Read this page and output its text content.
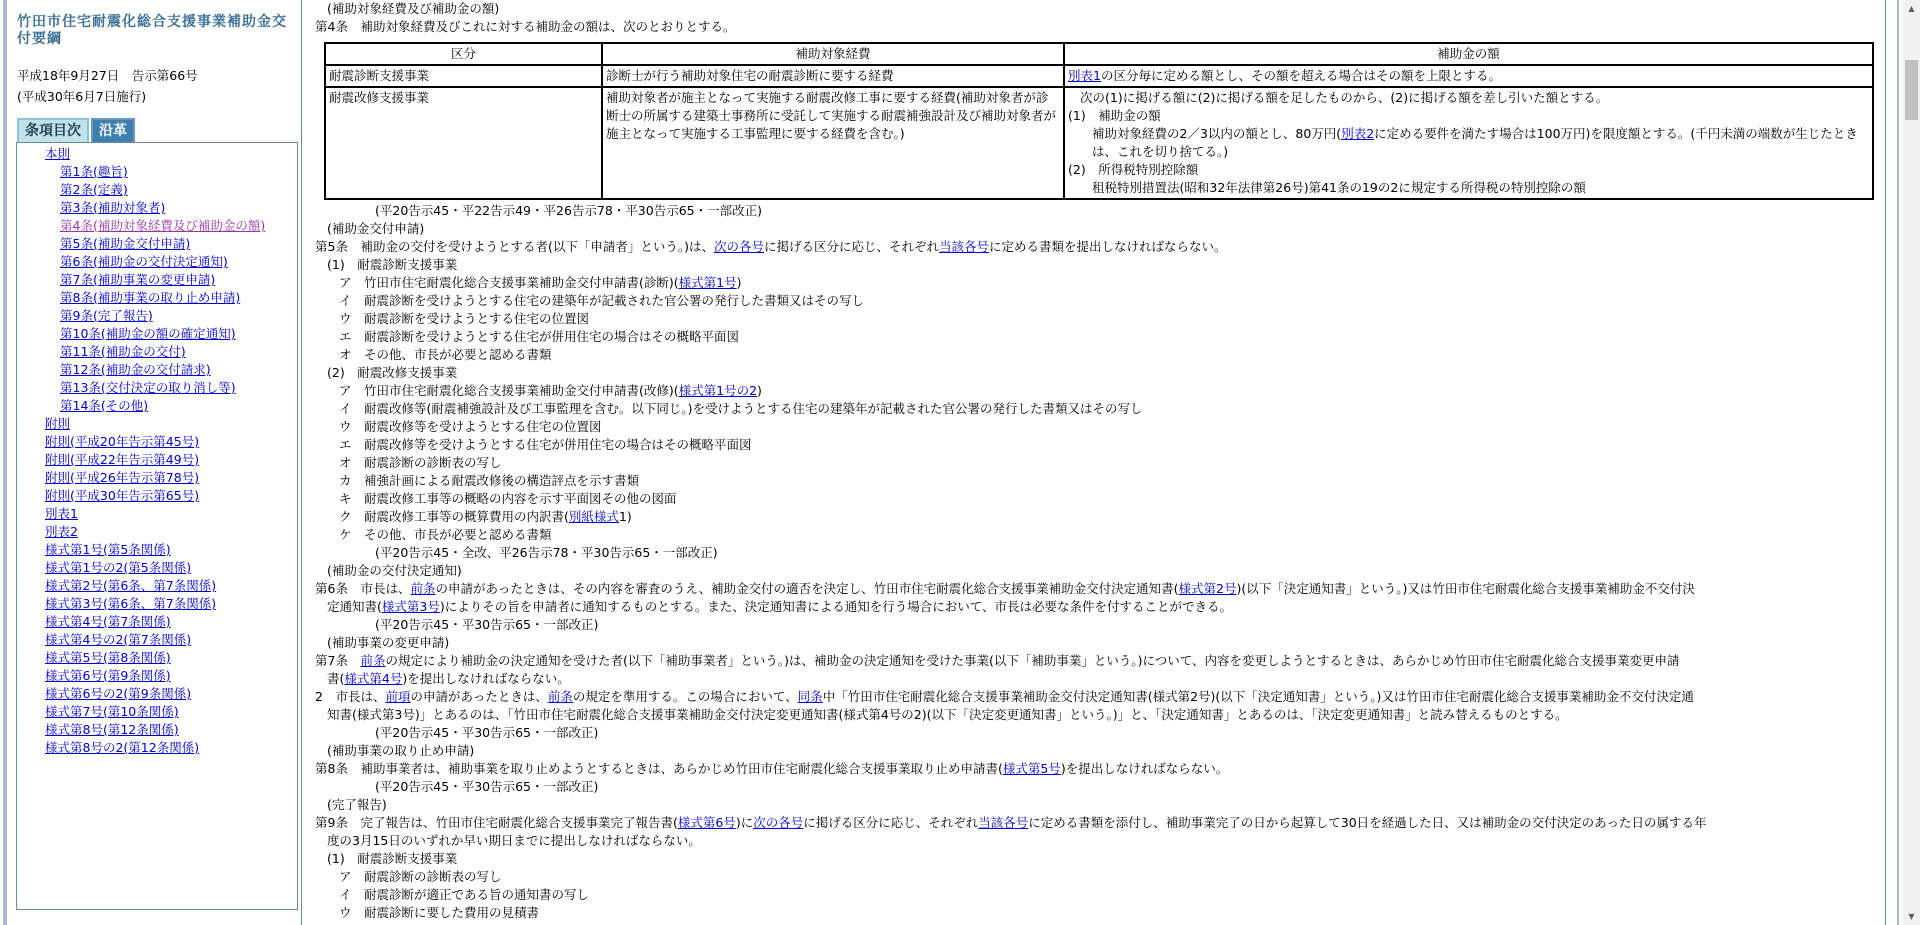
竹田市住宅耐震化総合支援事業補助金交付要綱
平成18年9月27日　告示第66号
(平成30年6月7日施行)
条項目次 沿革
本則
第1条(趣旨)
第2条(定義)
第3条(補助対象者)
第4条(補助対象経費及び補助金の額)
第5条(補助金交付申請)
第6条(補助金の交付決定通知)
第7条(補助事業の変更申請)
第8条(補助事業の取り止め申請)
第9条(完了報告)
第10条(補助金の額の確定通知)
第11条(補助金の交付)
第12条(補助金の交付請求)
第13条(交付決定の取り消し等)
第14条(その他)
附則
附則(平成20年告示第45号)
附則(平成22年告示第49号)
附則(平成26年告示第78号)
附則(平成30年告示第65号)
別表1
別表2
様式第1号(第5条関係)
様式第1号の2(第5条関係)
様式第2号(第6条、第7条関係)
様式第3号(第6条、第7条関係)
様式第4号(第7条関係)
様式第4号の2(第7条関係)
様式第5号(第8条関係)
様式第6号(第9条関係)
様式第6号の2(第9条関係)
様式第7号(第10条関係)
様式第8号(第12条関係)
様式第8号の2(第12条関係)
(補助対象経費及び補助金の額)
第4条　 補助対象経費及びこれに対する補助金の額は、次のとおりとする。
区分	補助対象経費	補助金の額
耐震診断支援事業	診断士が行う補助対象住宅の耐震診断に要する経費	別表1の区分毎に定める額とし、その額を超える場合はその額を上限とする。
耐震改修支援事業	補助対象者が施主となって実施する耐震改修工事に要する経費(補助対象者が診断士の所属する建築士事務所に受託して実施する耐震補強設計及び補助対象者が施主となって実施する工事監理に要する経費を含む。)	次の(1)に掲げる額に(2)に掲げる額を足したものから、(2)に掲げる額を差し引いた額とする。
(1)　補助金の額
補助対象経費の2／3以内の額とし、80万円(別表2に定める要件を満たす場合は100万円)を限度額とする。(千円未満の端数が生じたときは、これを切り捨てる。)
(2)　所得税特別控除額
租税特別措置法(昭和32年法律第26号)第41条の19の2に規定する所得税の特別控除の額
(平20告示45・平22告示49・平26告示78・平30告示65・一部改正)
(補助金交付申請)
第5条　 補助金の交付を受けようとする者(以下「申請者」という。)は、次の各号に掲げる区分に応じ、それぞれ当該各号に定める書類を提出しなければならない。
(1)　耐震診断支援事業
ア　竹田市住宅耐震化総合支援事業補助金交付申請書(診断)(様式第1号)
イ　耐震診断を受けようとする住宅の建築年が記載された官公署の発行した書類又はその写し
ウ　耐震診断を受けようとする住宅の位置図
エ　耐震診断を受けようとする住宅が併用住宅の場合はその概略平面図
オ　その他、市長が必要と認める書類
(2)　耐震改修支援事業
ア　竹田市住宅耐震化総合支援事業補助金交付申請書(改修)(様式第1号の2)
イ　耐震改修等(耐震補強設計及び工事監理を含む。以下同じ。)を受けようとする住宅の建築年が記載された官公署の発行した書類又はその写し
ウ　耐震改修等を受けようとする住宅の位置図
エ　耐震改修等を受けようとする住宅が併用住宅の場合はその概略平面図
オ　耐震診断の診断表の写し
カ　補強計画による耐震改修後の構造評点を示す書類
キ　耐震改修工事等の概略の内容を示す平面図その他の図面
ク　耐震改修工事等の概算費用の内訳書(別紙様式1)
ケ　その他、市長が必要と認める書類
(平20告示45・全改、平26告示78・平30告示65・一部改正)
(補助金の交付決定通知)
第6条　 市長は、前条の申請があったときは、その内容を審査のうえ、補助金交付の適否を決定し、竹田市住宅耐震化総合支援事業補助金交付決定通知書(様式第2号)(以下「決定通知書」という。)又は竹田市住宅耐震化総合支援事業補助金不交付決
定通知書(様式第3号)によりその旨を申請者に通知するものとする。また、決定通知書による通知を行う場合において、市長は必要な条件を付することができる。
(平20告示45・平30告示65・一部改正)
(補助事業の変更申請)
第7条　 前条の規定により補助金の決定通知を受けた者(以下「補助事業者」という。)は、補助金の決定通知を受けた事業(以下「補助事業」という。)について、内容を変更しようとするときは、あらかじめ竹田市住宅耐震化総合支援事業変更申請
書(様式第4号)を提出しなければならない。
2　 市長は、前項の申請があったときは、前条の規定を準用する。この場合において、同条中「竹田市住宅耐震化総合支援事業補助金交付決定通知書(様式第2号)(以下「決定通知書」という。)又は竹田市住宅耐震化総合支援事業補助金不交付決定通
知書(様式第3号)」とあるのは、「竹田市住宅耐震化総合支援事業補助金交付決定変更通知書(様式第4号の2)(以下「決定変更通知書」という。)」と、「決定通知書」とあるのは、「決定変更通知書」と読み替えるものとする。
(平20告示45・平30告示65・一部改正)
(補助事業の取り止め申請)
第8条　 補助事業者は、補助事業を取り止めようとするときは、あらかじめ竹田市住宅耐震化総合支援事業取り止め申請書(様式第5号)を提出しなければならない。
(平20告示45・平30告示65・一部改正)
(完了報告)
第9条　 完了報告は、竹田市住宅耐震化総合支援事業完了報告書(様式第6号)に次の各号に掲げる区分に応じ、それぞれ当該各号に定める書類を添付し、補助事業完了の日から起算して30日を経過した日、又は補助金の交付決定のあった日の属する年
度の3月15日のいずれか早い期日までに提出しなければならない。
(1)　耐震診断支援事業
ア　耐震診断の診断表の写し
イ　耐震診断が適正である旨の通知書の写し
ウ　耐震診断に要した費用の見積書
▲
▼
